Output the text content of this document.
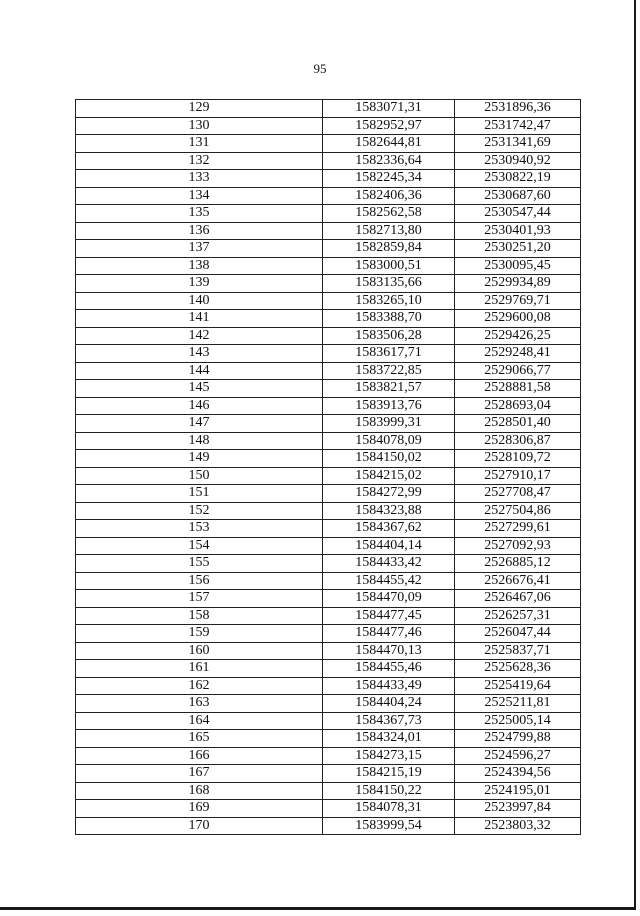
95
129	1583071,31	2531896,36
130	1582952,97	2531742,47
131	1582644,81	2531341,69
132	1582336,64	2530940,92
133	1582245,34	2530822,19
134	1582406,36	2530687,60
135	1582562,58	2530547,44
136	1582713,80	2530401,93
137	1582859,84	2530251,20
138	1583000,51	2530095,45
139	1583135,66	2529934,89
140	1583265,10	2529769,71
141	1583388,70	2529600,08
142	1583506,28	2529426,25
143	1583617,71	2529248,41
144	1583722,85	2529066,77
145	1583821,57	2528881,58
146	1583913,76	2528693,04
147	1583999,31	2528501,40
148	1584078,09	2528306,87
149	1584150,02	2528109,72
150	1584215,02	2527910,17
151	1584272,99	2527708,47
152	1584323,88	2527504,86
153	1584367,62	2527299,61
154	1584404,14	2527092,93
155	1584433,42	2526885,12
156	1584455,42	2526676,41
157	1584470,09	2526467,06
158	1584477,45	2526257,31
159	1584477,46	2526047,44
160	1584470,13	2525837,71
161	1584455,46	2525628,36
162	1584433,49	2525419,64
163	1584404,24	2525211,81
164	1584367,73	2525005,14
165	1584324,01	2524799,88
166	1584273,15	2524596,27
167	1584215,19	2524394,56
168	1584150,22	2524195,01
169	1584078,31	2523997,84
170	1583999,54	2523803,32
